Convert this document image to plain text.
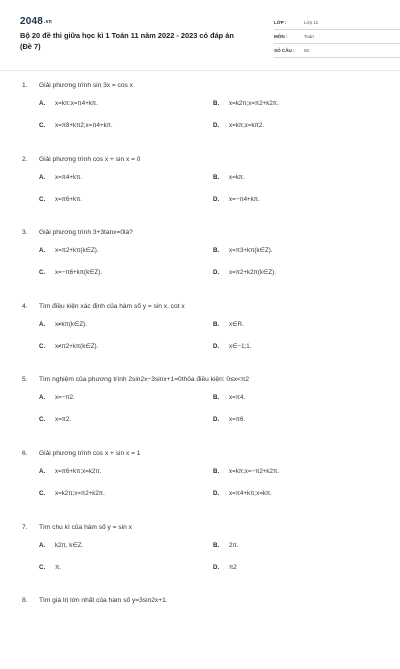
2048.vn
Bộ 20 đề thi giữa học kì 1 Toán 11 năm 2022 - 2023 có đáp án (Đề 7)
LỚP :	Lớp 11
MÔN :	Toán
SỐ CÂU : 50
1. Giải phương trình sin 3x = cos x
A. x=kπ;x=π4+kπ.	B. x=k2π;x=π2+k2π.
C. x=π8+kπ2;x=π4+kπ.	D. x=kπ;x=kπ2.
2. Giải phương trình cos x + sin x = 0
A. x=π4+kπ.	B. x=kπ.
C. x=π6+kπ.	D. x=−π4+kπ.
3. Giải phương trình 3+3tanx=0là?
A. x=π2+kπ(k∈Z).	B. x=π3+kπ(k∈Z).
C. x=−π6+kπ(k∈Z).	D. x=π2+k2π(k∈Z).
4. Tìm điều kiện xác định của hàm số y = sin x. cot x
A. x≠kπ(k∈Z).	B. x∈R.
C. x≠π2+kπ(k∈Z).	D. x∈−1;1.
5. Tìm nghiệm của phương trình 2sin2x−3sinx+1=0thỏa điều kiện: 0≤x<π2
A. x=−π2.	B. x=π4.
C. x=π2.	D. x=π6.
6. Giải phương trình cos x + sin x = 1
A. x=π6+kπ;x=k2π.	B. x=kπ;x=−π2+k2π.
C. x=k2π;x=π2+k2π.	D. x=π4+kπ;x=kπ.
7. Tìm chu kì của hàm số y = sin x
A. k2π, k∈Z.	B. 2π.
C. π.	D. π2
8. Tìm giá trị lớn nhất của hàm số y=3sin2x+1.
